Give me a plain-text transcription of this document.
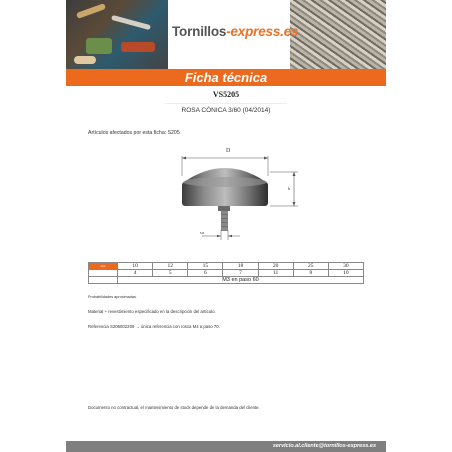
Tornillos-express.es
Ficha técnica
VS5205
ROSA CÓNICA 3/60 (04/2014)
Artículos afectados por esta ficha: S205
D
h
M3
mm	10	12	15	18	20	25	30
	4	5	6	7	11	8	10
	M3 en paso 60						
Probabilidades aproximadas.
Material + revestimiento especificado en la descripción del artículo.
Referencia S205002209 → única referencia con rosca M4 a paso 70.
Documento no contractual, el mantenimiento de stock depende de la demanda del cliente.
servicio.al.cliente@tornillos-express.es
